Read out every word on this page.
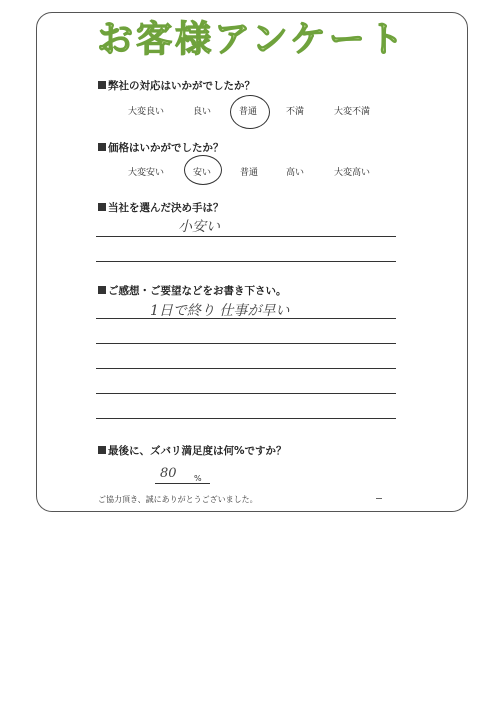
お客様アンケート
弊社の対応はいかがでしたか？
大変良い	良い	普通	不満	大変不満
価格はいかがでしたか？
大変安い	安い	普通	高い	大変高い
当社を選んだ決め手は？
小安い
ご感想・ご要望などをお書き下さい。
1日で終り 仕事が早い
最後に、ズバリ満足度は何%ですか？
80 %
ご協力頂き、誠にありがとうございました。
